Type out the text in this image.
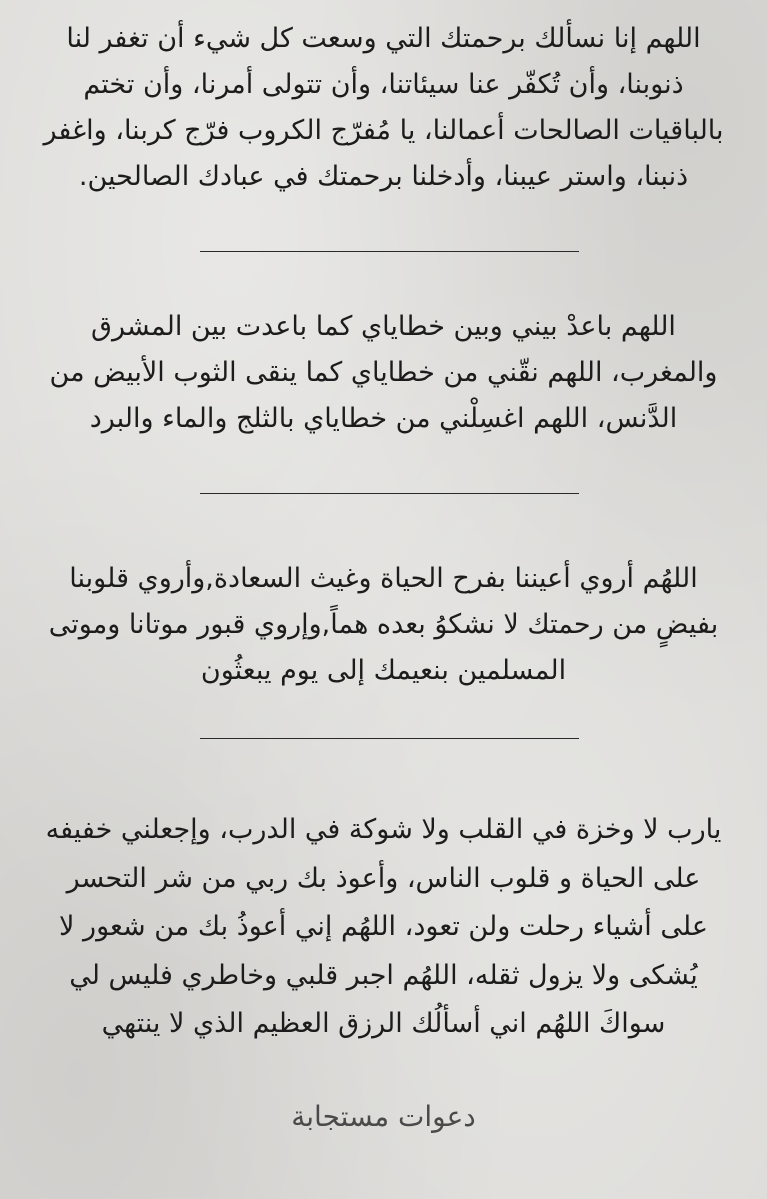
اللهم إنا نسألك برحمتك التي وسعت كل شيء أن تغفر لنا ذنوبنا، وأن تُكفّر عنا سيئاتنا، وأن تتولى أمرنا، وأن تختم بالباقيات الصالحات أعمالنا، يا مُفرّج الكروب فرّج كربنا، واغفر ذنبنا، واستر عيبنا، وأدخلنا برحمتك في عبادك الصالحين.

اللهم باعدْ بيني وبين خطاياي كما باعدت بين المشرق والمغرب، اللهم نقّني من خطاياي كما ينقى الثوب الأبيض من الدَّنس، اللهم اغسِلْني من خطاياي بالثلج والماء والبرد

اللهُم أروي أعيننا بفرح الحياة وغيث السعادة,وأروي قلوبنا بفيضٍ من رحمتك لا نشكوُ بعده هماً,وإروي قبور موتانا وموتى المسلمين بنعيمك إلى يوم يبعثُون

يارب لا وخزة في القلب ولا شوكة في الدرب، وإجعلني خفيفه على الحياة و قلوب الناس، وأعوذ بك ربي من شر التحسر على أشياء رحلت ولن تعود، اللهُم إني أعوذُ بك من شعور لا يُشكى ولا يزول ثقله، اللهُم اجبر قلبي وخاطري فليس لي سواكَ اللهُم اني أسألُك الرزق العظيم الذي لا ينتهي

دعوات مستجابة
